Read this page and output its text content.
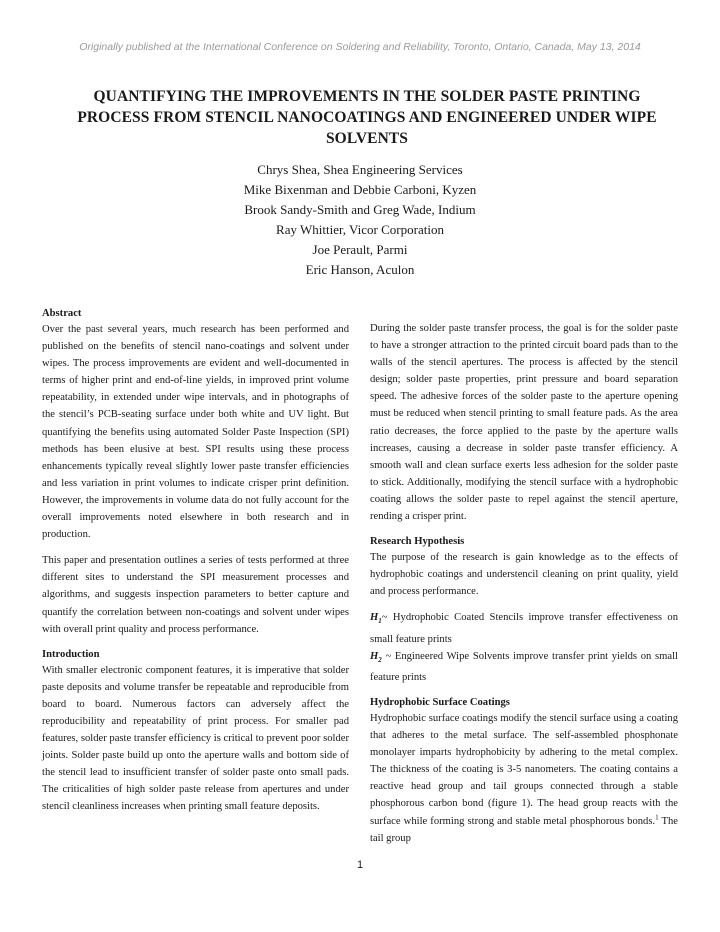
Originally published at the International Conference on Soldering and Reliability, Toronto, Ontario, Canada, May 13, 2014
QUANTIFYING THE IMPROVEMENTS IN THE SOLDER PASTE PRINTING PROCESS FROM STENCIL NANOCOATINGS AND ENGINEERED UNDER WIPE SOLVENTS
Chrys Shea, Shea Engineering Services
Mike Bixenman and Debbie Carboni, Kyzen
Brook Sandy-Smith and Greg Wade, Indium
Ray Whittier, Vicor Corporation
Joe Perault, Parmi
Eric Hanson, Aculon
Abstract

Over the past several years, much research has been performed and published on the benefits of stencil nano-coatings and solvent under wipes. The process improvements are evident and well-documented in terms of higher print and end-of-line yields, in improved print volume repeatability, in extended under wipe intervals, and in photographs of the stencil’s PCB-seating surface under both white and UV light. But quantifying the benefits using automated Solder Paste Inspection (SPI) methods has been elusive at best. SPI results using these process enhancements typically reveal slightly lower paste transfer efficiencies and less variation in print volumes to indicate crisper print definition. However, the improvements in volume data do not fully account for the overall improvements noted elsewhere in both research and in production.

This paper and presentation outlines a series of tests performed at three different sites to understand the SPI measurement processes and algorithms, and suggests inspection parameters to better capture and quantify the correlation between non-coatings and solvent under wipes with overall print quality and process performance.

Introduction

With smaller electronic component features, it is imperative that solder paste deposits and volume transfer be repeatable and reproducible from board to board. Numerous factors can adversely affect the reproducibility and repeatability of print process. For smaller pad features, solder paste transfer efficiency is critical to prevent poor solder joints. Solder paste build up onto the aperture walls and bottom side of the stencil lead to insufficient transfer of solder paste onto small pads. The criticalities of high solder paste release from apertures and under stencil cleanliness increases when printing small feature deposits.

During the solder paste transfer process, the goal is for the solder paste to have a stronger attraction to the printed circuit board pads than to the walls of the stencil apertures. The process is affected by the stencil design; solder paste properties, print pressure and board separation speed. The adhesive forces of the solder paste to the aperture opening must be reduced when stencil printing to small feature pads. As the area ratio decreases, the force applied to the paste by the aperture walls increases, causing a decrease in solder paste transfer efficiency. A smooth wall and clean surface exerts less adhesion for the solder paste to stick. Additionally, modifying the stencil surface with a hydrophobic coating allows the solder paste to repel against the stencil aperture, rending a crisper print.

Research Hypothesis

The purpose of the research is gain knowledge as to the effects of hydrophobic coatings and understencil cleaning on print quality, yield and process performance.

$H_1\sim$ Hydrophobic Coated Stencils improve transfer effectiveness on small feature prints

$H_2$ ~ Engineered Wipe Solvents improve transfer print yields on small feature prints

Hydrophobic Surface Coatings

Hydrophobic surface coatings modify the stencil surface using a coating that adheres to the metal surface. The self-assembled phosphonate monolayer imparts hydrophobicity by adhering to the metal complex. The thickness of the coating is 3-5 nanometers. The coating contains a reactive head group and tail groups connected through a stable phosphorous carbon bond (figure 1). The head group reacts with the surface while forming strong and stable metal phosphorous bonds.$^1$ The tail group

1
